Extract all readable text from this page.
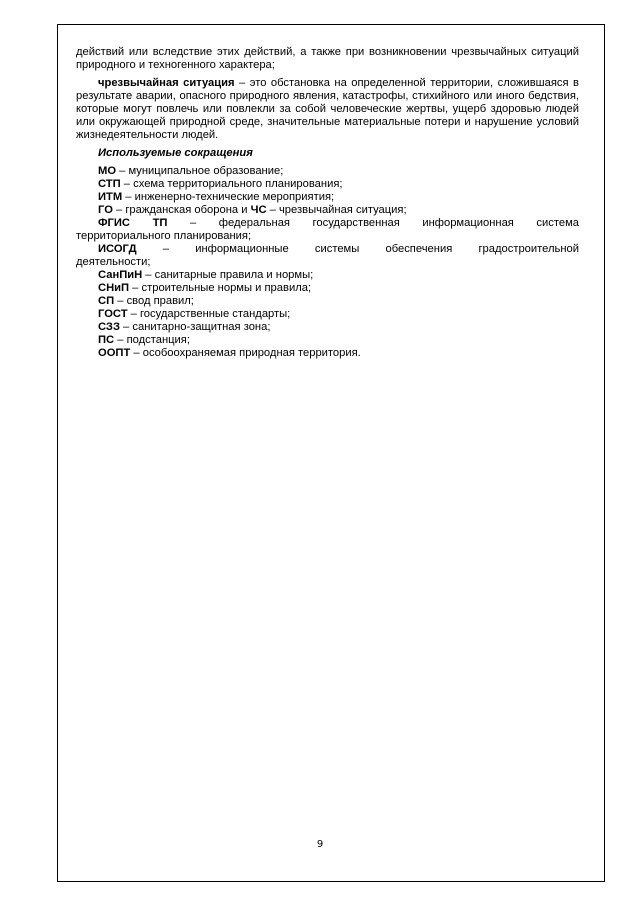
действий или вследствие этих действий, а также при возникновении чрезвычайных ситуаций природного и техногенного характера;

чрезвычайная ситуация – это обстановка на определенной территории, сложившаяся в результате аварии, опасного природного явления, катастрофы, стихийного или иного бедствия, которые могут повлечь или повлекли за собой человеческие жертвы, ущерб здоровью людей или окружающей природной среде, значительные материальные потери и нарушение условий жизнедеятельности людей.

Используемые сокращения

МО – муниципальное образование;

СТП – схема территориального планирования;

ИТМ – инженерно-технические мероприятия;

ГО – гражданская оборона и ЧС – чрезвычайная ситуация;

ФГИС ТП – федеральная государственная информационная система
территориального планирования;

ИСОГД – информационные системы обеспечения градостроительной
деятельности;

СанПиН – санитарные правила и нормы;

СНиП – строительные нормы и правила;

СП – свод правил;

ГОСТ – государственные стандарты;

СЗЗ – санитарно-защитная зона;

ПС – подстанция;

ООПТ – особоохраняемая природная территория.

9
